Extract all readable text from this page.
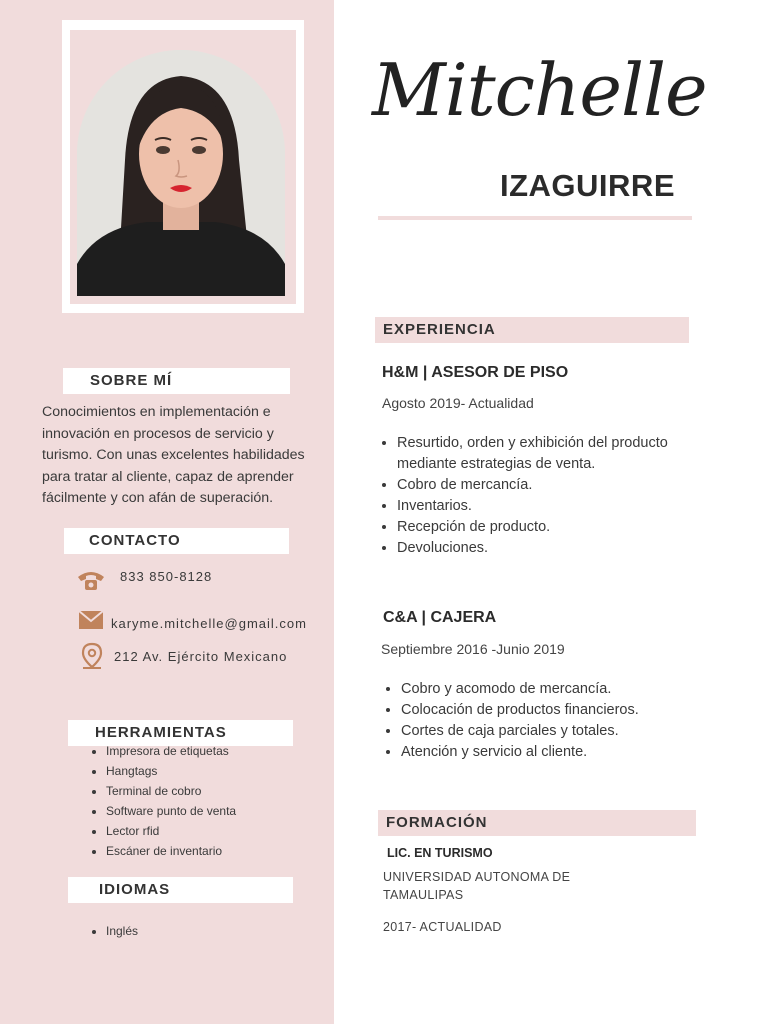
SOBRE MÍ
Conocimientos en implementación e innovación en procesos de servicio y turismo. Con unas excelentes habilidades para tratar al cliente, capaz de aprender fácilmente y con afán de superación.
CONTACTO
833 850-8128
karyme.mitchelle@gmail.com
212 Av. Ejército Mexicano
HERRAMIENTAS
• Impresora de etiquetas
• Hangtags
• Terminal de cobro
• Software punto de venta
• Lector rfid
• Escáner de inventario
IDIOMAS
• Inglés
Mitchelle
IZAGUIRRE
EXPERIENCIA
H&M | ASESOR DE PISO
Agosto 2019- Actualidad
• Resurtido, orden y exhibición del producto mediante estrategias de venta.
• Cobro de mercancía.
• Inventarios.
• Recepción de producto.
• Devoluciones.
C&A | CAJERA
Septiembre 2016 -Junio 2019
• Cobro y acomodo de mercancía.
• Colocación de productos financieros.
• Cortes de caja parciales y totales.
• Atención y servicio al cliente.
FORMACIÓN
LIC. EN TURISMO
UNIVERSIDAD AUTONOMA DE TAMAULIPAS
2017- ACTUALIDAD
